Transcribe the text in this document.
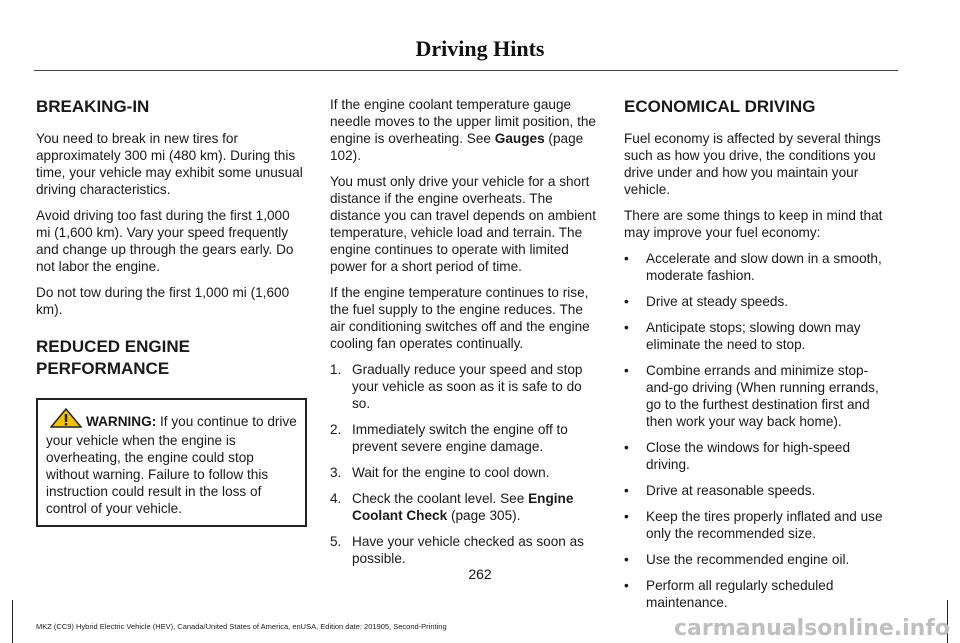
Driving Hints
BREAKING-IN

You need to break in new tires for approximately 300 mi (480 km). During this time, your vehicle may exhibit some unusual driving characteristics.

Avoid driving too fast during the first 1,000 mi (1,600 km). Vary your speed frequently and change up through the gears early. Do not labor the engine.

Do not tow during the first 1,000 mi (1,600 km).

REDUCED ENGINE PERFORMANCE
WARNING: If you continue to drive your vehicle when the engine is overheating, the engine could stop without warning. Failure to follow this instruction could result in the loss of control of your vehicle.

If the engine coolant temperature gauge needle moves to the upper limit position, the engine is overheating. See Gauges (page 102).

You must only drive your vehicle for a short distance if the engine overheats. The distance you can travel depends on ambient temperature, vehicle load and terrain. The engine continues to operate with limited power for a short period of time.

If the engine temperature continues to rise, the fuel supply to the engine reduces. The air conditioning switches off and the engine cooling fan operates continually.

1. Gradually reduce your speed and stop your vehicle as soon as it is safe to do so.
2. Immediately switch the engine off to prevent severe engine damage.
3. Wait for the engine to cool down.
4. Check the coolant level. See Engine Coolant Check (page 305).
5. Have your vehicle checked as soon as possible.
ECONOMICAL DRIVING

Fuel economy is affected by several things such as how you drive, the conditions you drive under and how you maintain your vehicle.

There are some things to keep in mind that may improve your fuel economy:

• Accelerate and slow down in a smooth, moderate fashion.
• Drive at steady speeds.
• Anticipate stops; slowing down may eliminate the need to stop.
• Combine errands and minimize stop-and-go driving (When running errands, go to the furthest destination first and then work your way back home).
• Close the windows for high-speed driving.
• Drive at reasonable speeds.
• Keep the tires properly inflated and use only the recommended size.
• Use the recommended engine oil.
• Perform all regularly scheduled maintenance.
262
MKZ (CC9) Hybrid Electric Vehicle (HEV), Canada/United States of America, enUSA, Edition date: 201905, Second-Printing	carmanualsonline.info
